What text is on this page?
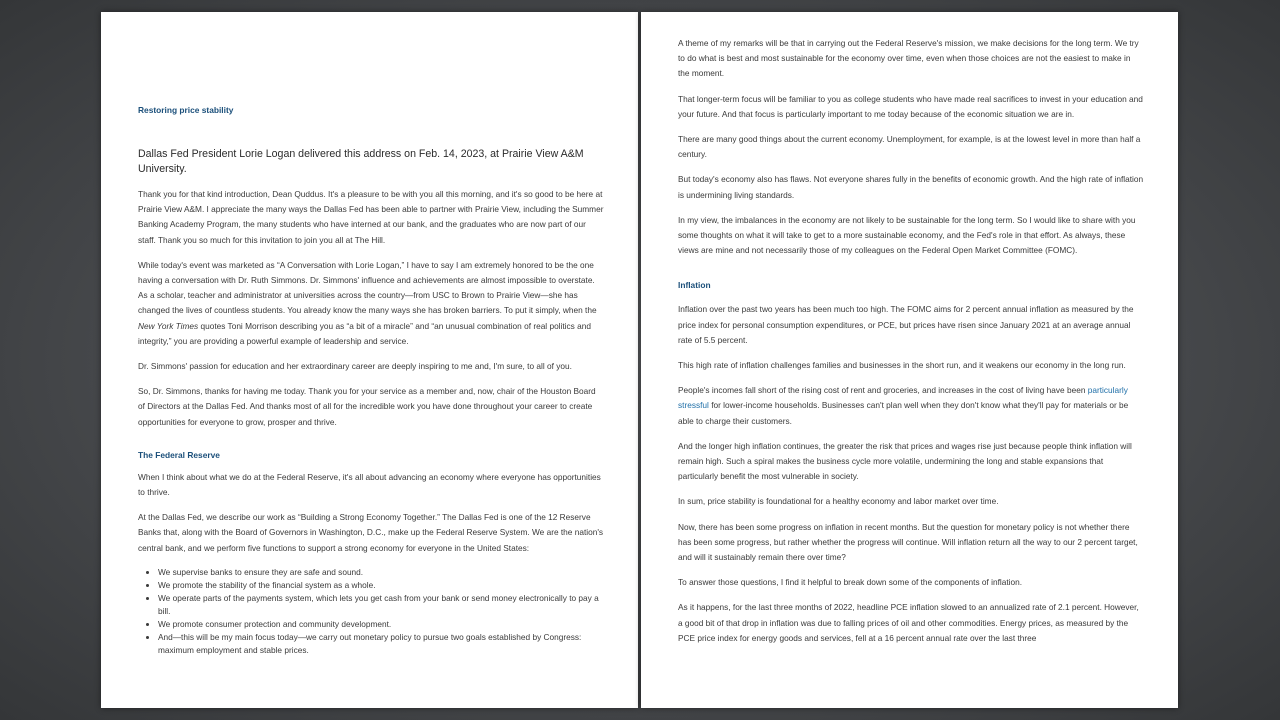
Restoring price stability

Dallas Fed President Lorie Logan delivered this address on Feb. 14, 2023, at Prairie View A&M University.

Thank you for that kind introduction, Dean Quddus. It's a pleasure to be with you all this morning, and it's so good to be here at Prairie View A&M. I appreciate the many ways the Dallas Fed has been able to partner with Prairie View, including the Summer Banking Academy Program, the many students who have interned at our bank, and the graduates who are now part of our staff. Thank you so much for this invitation to join you all at The Hill.

While today's event was marketed as “A Conversation with Lorie Logan,” I have to say I am extremely honored to be the one having a conversation with Dr. Ruth Simmons. Dr. Simmons' influence and achievements are almost impossible to overstate. As a scholar, teacher and administrator at universities across the country—from USC to Brown to Prairie View—she has changed the lives of countless students. You already know the many ways she has broken barriers. To put it simply, when the New York Times quotes Toni Morrison describing you as “a bit of a miracle” and “an unusual combination of real politics and integrity,” you are providing a powerful example of leadership and service.

Dr. Simmons' passion for education and her extraordinary career are deeply inspiring to me and, I'm sure, to all of you.

So, Dr. Simmons, thanks for having me today. Thank you for your service as a member and, now, chair of the Houston Board of Directors at the Dallas Fed. And thanks most of all for the incredible work you have done throughout your career to create opportunities for everyone to grow, prosper and thrive.

The Federal Reserve

When I think about what we do at the Federal Reserve, it's all about advancing an economy where everyone has opportunities to thrive.

At the Dallas Fed, we describe our work as “Building a Strong Economy Together.” The Dallas Fed is one of the 12 Reserve Banks that, along with the Board of Governors in Washington, D.C., make up the Federal Reserve System. We are the nation's central bank, and we perform five functions to support a strong economy for everyone in the United States:

• We supervise banks to ensure they are safe and sound.
• We promote the stability of the financial system as a whole.
• We operate parts of the payments system, which lets you get cash from your bank or send money electronically to pay a bill.
• We promote consumer protection and community development.
• And—this will be my main focus today—we carry out monetary policy to pursue two goals established by Congress: maximum employment and stable prices.

A theme of my remarks will be that in carrying out the Federal Reserve's mission, we make decisions for the long term. We try to do what is best and most sustainable for the economy over time, even when those choices are not the easiest to make in the moment.

That longer-term focus will be familiar to you as college students who have made real sacrifices to invest in your education and your future. And that focus is particularly important to me today because of the economic situation we are in.

There are many good things about the current economy. Unemployment, for example, is at the lowest level in more than half a century.

But today's economy also has flaws. Not everyone shares fully in the benefits of economic growth. And the high rate of inflation is undermining living standards.

In my view, the imbalances in the economy are not likely to be sustainable for the long term. So I would like to share with you some thoughts on what it will take to get to a more sustainable economy, and the Fed's role in that effort. As always, these views are mine and not necessarily those of my colleagues on the Federal Open Market Committee (FOMC).

Inflation

Inflation over the past two years has been much too high. The FOMC aims for 2 percent annual inflation as measured by the price index for personal consumption expenditures, or PCE, but prices have risen since January 2021 at an average annual rate of 5.5 percent.

This high rate of inflation challenges families and businesses in the short run, and it weakens our economy in the long run.

People's incomes fall short of the rising cost of rent and groceries, and increases in the cost of living have been particularly stressful for lower-income households. Businesses can't plan well when they don't know what they'll pay for materials or be able to charge their customers.

And the longer high inflation continues, the greater the risk that prices and wages rise just because people think inflation will remain high. Such a spiral makes the business cycle more volatile, undermining the long and stable expansions that particularly benefit the most vulnerable in society.

In sum, price stability is foundational for a healthy economy and labor market over time.

Now, there has been some progress on inflation in recent months. But the question for monetary policy is not whether there has been some progress, but rather whether the progress will continue. Will inflation return all the way to our 2 percent target, and will it sustainably remain there over time?

To answer those questions, I find it helpful to break down some of the components of inflation.

As it happens, for the last three months of 2022, headline PCE inflation slowed to an annualized rate of 2.1 percent. However, a good bit of that drop in inflation was due to falling prices of oil and other commodities. Energy prices, as measured by the PCE price index for energy goods and services, fell at a 16 percent annual rate over the last three
